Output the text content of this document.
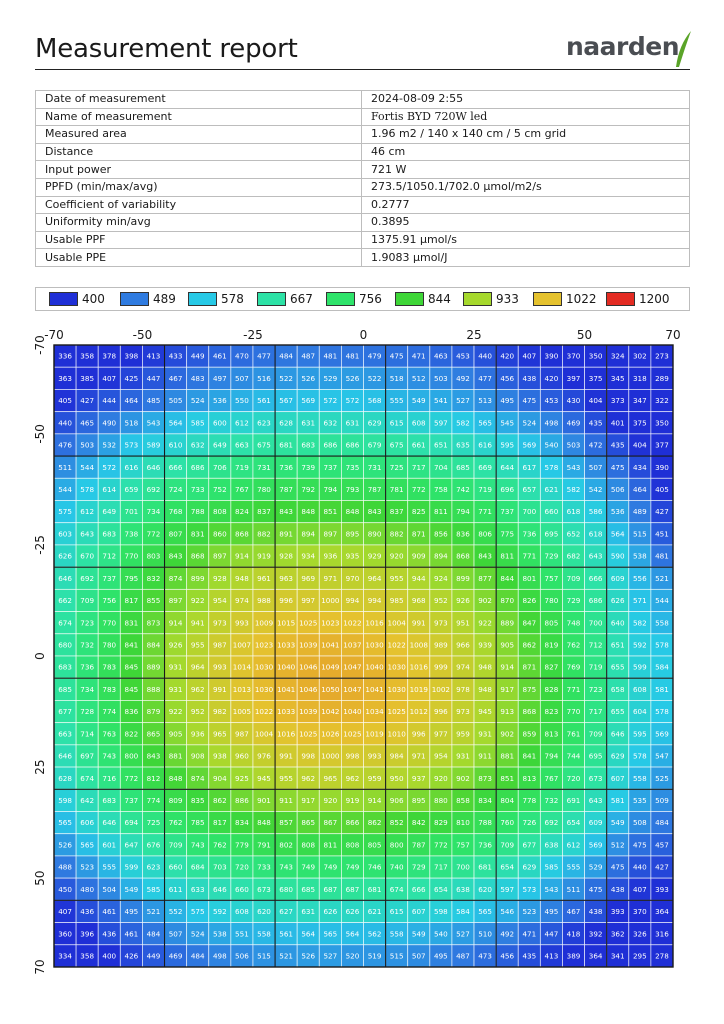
Measurement report	naarden
Date of measurement	2024-08-09 2:55
Name of measurement	Fortis BYD 720W led
Measured area	1.96 m2 / 140 x 140 cm / 5 cm grid
Distance	46 cm
Input power	721 W
PPFD (min/max/avg)	273.5/1050.1/702.0 µmol/m2/s
Coefficient of variability	0.2777
Uniformity min/avg	0.3895
Usable PPF	1375.91 µmol/s
Usable PPE	1.9083 µmol/J
400	489	578	667	756	844	933	1022	1200
336 358 378 398 413 433 449 461 470 477 484 487 481 481 479 475 471 463 453 440 420 407 390 370 350 324 302 273
363 385 407 425 447 467 483 497 507 516 522 526 529 526 522 518 512 503 492 477 456 438 420 397 375 345 318 289
405 427 444 464 485 505 524 536 550 561 567 569 572 572 568 555 549 541 527 513 495 475 453 430 404 373 347 322
440 465 490 518 543 564 585 600 612 623 628 631 632 631 629 615 608 597 582 565 545 524 498 469 435 401 375 350
476 503 532 573 589 610 632 649 663 675 681 683 686 686 679 675 661 651 635 616 595 569 540 503 472 435 404 377
511 544 572 616 646 666 686 706 719 731 736 739 737 735 731 725 717 704 685 669 644 617 578 543 507 475 434 390
544 578 614 659 692 724 733 752 767 780 787 792 794 793 787 781 772 758 742 719 696 657 621 582 542 506 464 405
575 612 649 701 734 768 788 808 824 837 843 848 851 848 843 837 825 811 794 771 737 700 660 618 586 536 489 427
603 643 683 738 772 807 831 860 868 882 891 894 897 895 890 882 871 856 836 806 775 736 695 652 618 564 515 451
626 670 712 770 803 843 868 897 914 919 928 934 936 935 929 920 909 894 868 843 811 771 729 682 643 590 538 481
646 692 737 795 832 874 899 928 948 961 963 969 971 970 964 955 944 924 899 877 844 801 757 709 666 609 556 521
662 709 756 817 855 897 922 954 974 988 996 997 1000 994 994 985 968 952 926 902 870 826 780 729 686 626 571 544
674 723 770 831 873 914 941 973 993 1009 1015 1025 1023 1022 1016 1004 991 973 951 922 889 847 805 748 700 640 582 558
680 732 780 841 884 926 955 987 1007 1023 1033 1039 1041 1037 1030 1022 1008 989 966 939 905 862 819 762 712 651 592 578
683 736 783 845 889 931 964 993 1014 1030 1040 1046 1049 1047 1040 1030 1016 999 974 948 914 871 827 769 719 655 599 584
685 734 783 845 888 931 962 991 1013 1030 1041 1046 1050 1047 1041 1030 1019 1002 978 948 917 875 828 771 723 658 608 581
677 728 774 836 879 922 952 982 1005 1022 1033 1039 1042 1040 1034 1025 1012 996 973 945 913 868 823 770 717 655 604 578
663 714 763 822 865 905 936 965 987 1004 1016 1025 1026 1025 1019 1010 996 977 959 931 902 859 813 761 709 646 595 569
646 697 743 800 843 881 908 938 960 976 991 998 1000 998 993 984 971 954 931 911 881 841 794 744 695 629 578 547
628 674 716 772 812 848 874 904 925 945 955 962 965 962 959 950 937 920 902 873 851 813 767 720 673 607 558 525
598 642 683 737 774 809 835 862 886 901 911 917 920 919 914 906 895 880 858 834 804 778 732 691 643 581 535 509
565 606 646 694 725 762 785 817 834 848 857 865 867 866 862 852 842 829 810 788 760 726 692 654 609 549 508 484
526 565 601 647 676 709 743 762 779 791 802 808 811 808 805 800 787 772 757 736 709 677 638 612 569 512 475 457
488 523 555 599 623 660 684 703 720 733 743 749 749 749 746 740 729 717 700 681 654 629 585 555 529 475 440 427
450 480 504 549 585 611 633 646 660 673 680 685 687 687 681 674 666 654 638 620 597 573 543 511 475 438 407 393
407 436 461 495 521 552 575 592 608 620 627 631 626 626 621 615 607 598 584 565 546 523 495 467 438 393 370 364
360 396 436 461 484 507 524 538 551 558 561 564 565 564 562 558 549 540 527 510 492 471 447 418 392 362 326 316
334 358 400 426 449 469 484 498 506 515 521 526 527 520 519 515 507 495 487 473 456 435 413 389 364 341 295 278
-70	-50	-25	0	25	50	70
-70
-50
-25
0
25
50
70
